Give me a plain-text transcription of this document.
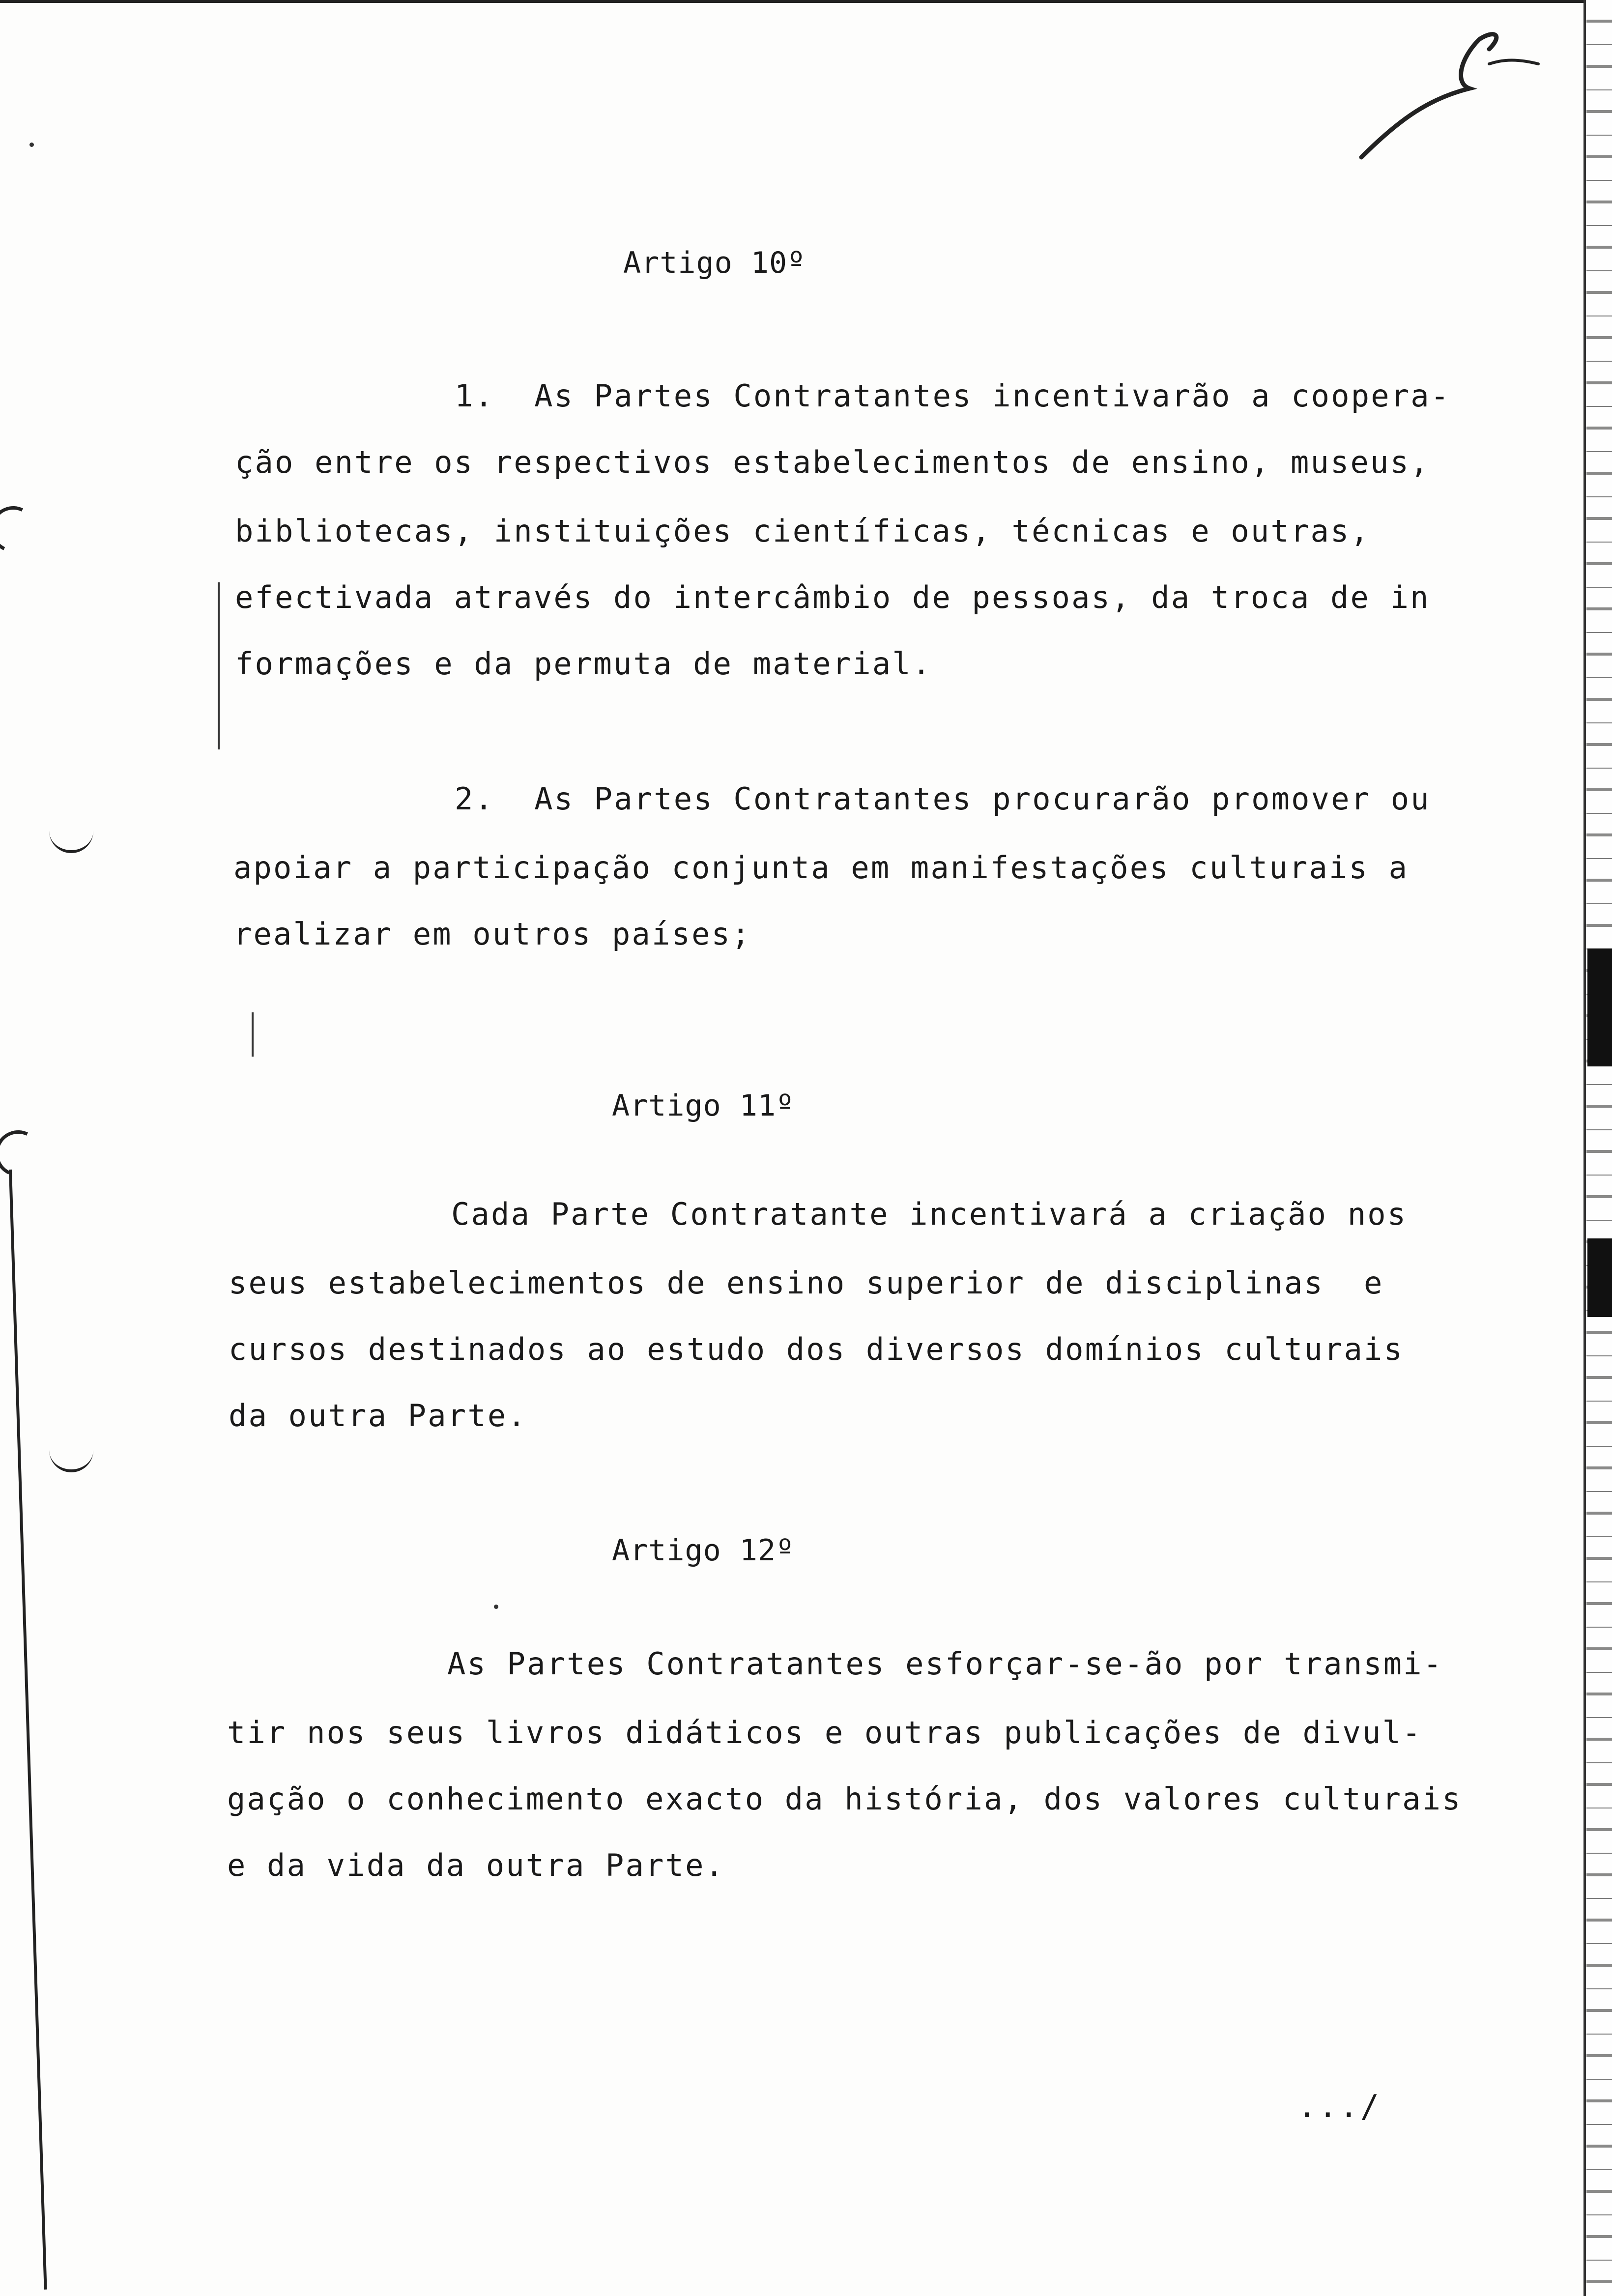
Artigo 10º
1.  As Partes Contratantes incentivarão a coopera-
ção entre os respectivos estabelecimentos de ensino, museus,
bibliotecas, instituições científicas, técnicas e outras,
efectivada através do intercâmbio de pessoas, da troca de in
formações e da permuta de material.
2.  As Partes Contratantes procurarão promover ou
apoiar a participação conjunta em manifestações culturais a
realizar em outros países;
Artigo 11º
Cada Parte Contratante incentivará a criação nos
seus estabelecimentos de ensino superior de disciplinas  e
cursos destinados ao estudo dos diversos domínios culturais
da outra Parte.
Artigo 12º
As Partes Contratantes esforçar-se-ão por transmi-
tir nos seus livros didáticos e outras publicações de divul-
gação o conhecimento exacto da história, dos valores culturais
e da vida da outra Parte.
.../
